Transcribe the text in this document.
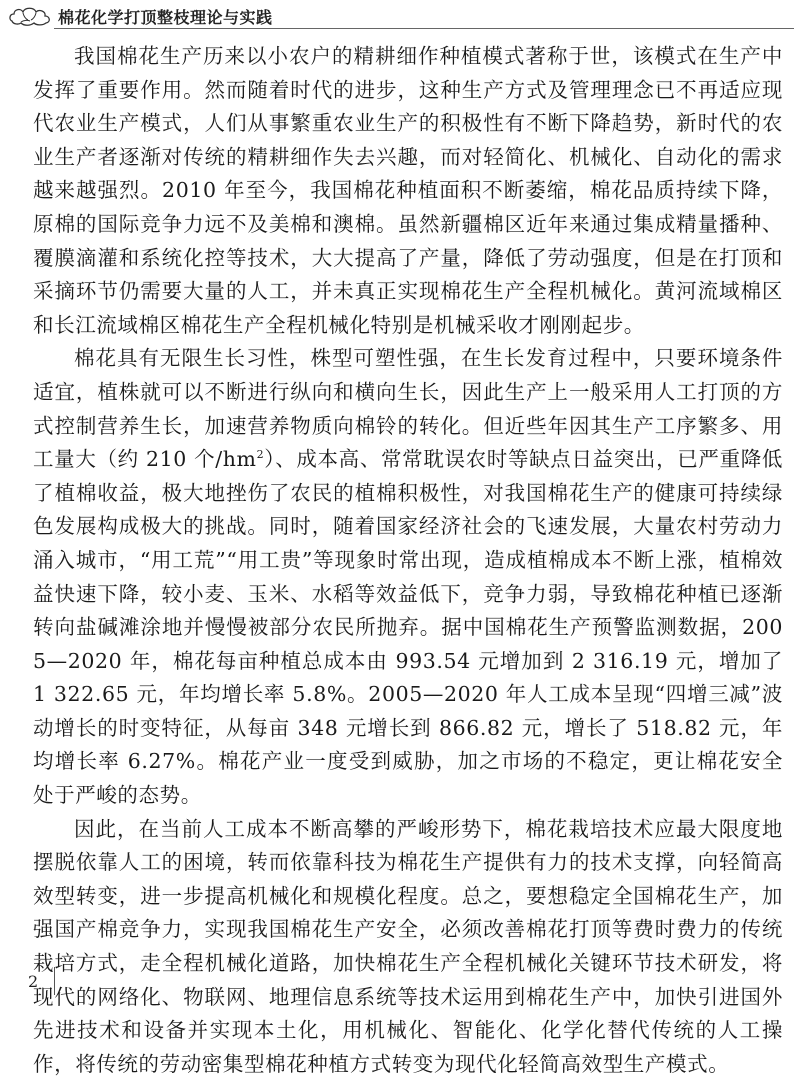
棉花化学打顶整枝理论与实践

我国棉花生产历来以小农户的精耕细作种植模式著称于世，该模式在生产中发挥了重要作用。然而随着时代的进步，这种生产方式及管理理念已不再适应现代农业生产模式，人们从事繁重农业生产的积极性有不断下降趋势，新时代的农业生产者逐渐对传统的精耕细作失去兴趣，而对轻简化、机械化、自动化的需求越来越强烈。2010 年至今，我国棉花种植面积不断萎缩，棉花品质持续下降，原棉的国际竞争力远不及美棉和澳棉。虽然新疆棉区近年来通过集成精量播种、覆膜滴灌和系统化控等技术，大大提高了产量，降低了劳动强度，但是在打顶和采摘环节仍需要大量的人工，并未真正实现棉花生产全程机械化。黄河流域棉区和长江流域棉区棉花生产全程机械化特别是机械采收才刚刚起步。

棉花具有无限生长习性，株型可塑性强，在生长发育过程中，只要环境条件适宜，植株就可以不断进行纵向和横向生长，因此生产上一般采用人工打顶的方式控制营养生长，加速营养物质向棉铃的转化。但近些年因其生产工序繁多、用工量大（约 210 个$/hm^2$）、成本高、常常耽误农时等缺点日益突出，已严重降低了植棉收益，极大地挫伤了农民的植棉积极性，对我国棉花生产的健康可持续绿色发展构成极大的挑战。同时，随着国家经济社会的飞速发展，大量农村劳动力涌入城市，“用工荒”“用工贵”等现象时常出现，造成植棉成本不断上涨，植棉效益快速下降，较小麦、玉米、水稻等效益低下，竞争力弱，导致棉花种植已逐渐转向盐碱滩涂地并慢慢被部分农民所抛弃。据中国棉花生产预警监测数据，2005—2020 年，棉花每亩种植总成本由 993.54 元增加到 2 316.19 元，增加了 1 322.65 元，年均增长率 5.8%。2005—2020 年人工成本呈现“四增三减”波动增长的时变特征，从每亩 348 元增长到 866.82 元，增长了 518.82 元，年均增长率 6.27%。棉花产业一度受到威胁，加之市场的不稳定，更让棉花安全处于严峻的态势。

因此，在当前人工成本不断高攀的严峻形势下，棉花栽培技术应最大限度地摆脱依靠人工的困境，转而依靠科技为棉花生产提供有力的技术支撑，向轻简高效型转变，进一步提高机械化和规模化程度。总之，要想稳定全国棉花生产，加强国产棉竞争力，实现我国棉花生产安全，必须改善棉花打顶等费时费力的传统栽培方式，走全程机械化道路，加快棉花生产全程机械化关键环节技术研发，将现代的网络化、物联网、地理信息系统等技术运用到棉花生产中，加快引进国外先进技术和设备并实现本土化，用机械化、智能化、化学化替代传统的人工操作，将传统的劳动密集型棉花种植方式转变为现代化轻简高效型生产模式。

2
